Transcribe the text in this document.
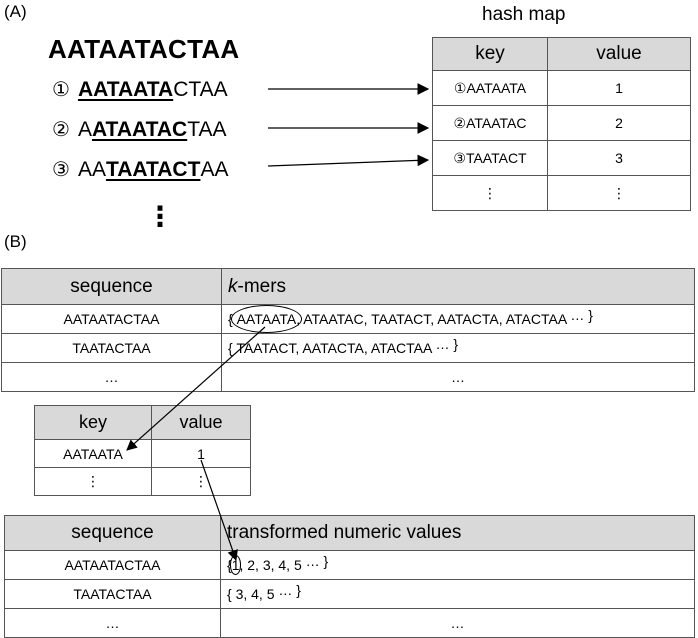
(A)
AATAATACTAA
① AATAATACTAA
② AATAATACTAA
③ AATAATACTAA
⋮
hash map
key	value
①AATAATA	1
②ATAATAC	2
③TAATACT	3
⋮	⋮
(B)
sequence	k-mers
AATAATACTAA	{ AATAATA, ATAATAC, TAATACT, AATACTA, ATACTAA … }
TAATACTAA	{ TAATACT, AATACTA, ATACTAA … }
…	…
key	value
AATAATA	1
⋮	⋮
sequence	transformed numeric values
AATAATACTAA	{1, 2, 3, 4, 5 … }
TAATACTAA	{ 3, 4, 5 … }
…	…
